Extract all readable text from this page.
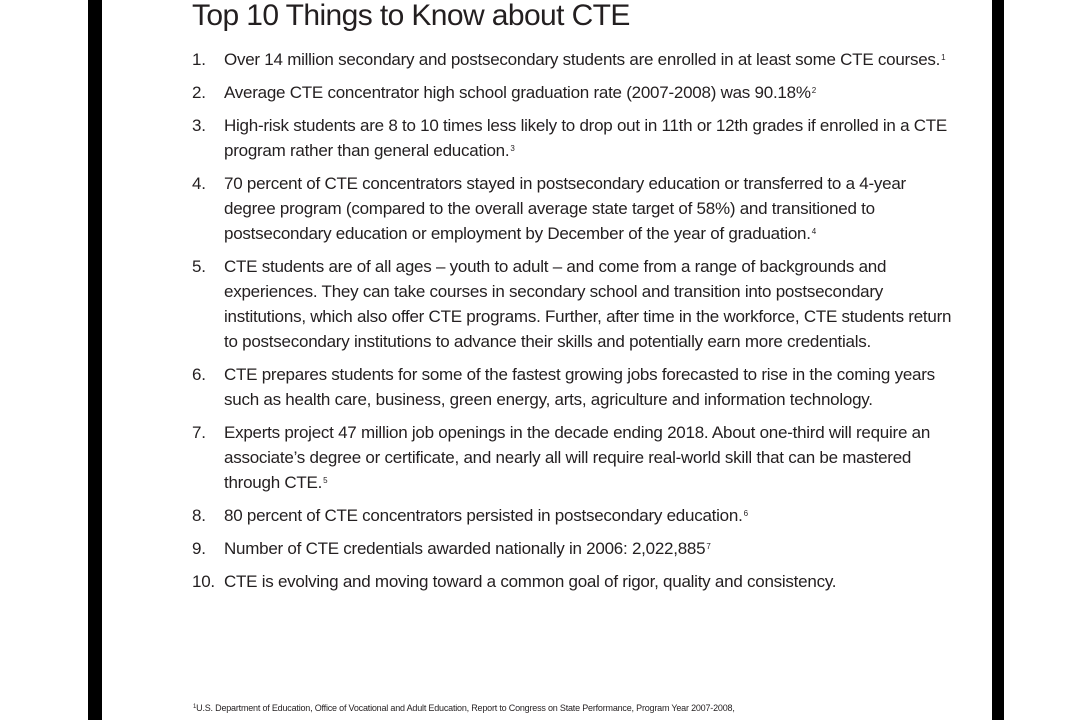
Top 10 Things to Know about CTE
1. Over 14 million secondary and postsecondary students are enrolled in at least some CTE courses.$^1$
2. Average CTE concentrator high school graduation rate (2007-2008) was 90.18%$^2$
3. High-risk students are 8 to 10 times less likely to drop out in 11th or 12th grades if enrolled in a CTE program rather than general education.$^3$
4. 70 percent of CTE concentrators stayed in postsecondary education or transferred to a 4-year degree program (compared to the overall average state target of 58%) and transitioned to postsecondary education or employment by December of the year of graduation.$^4$
5. CTE students are of all ages – youth to adult – and come from a range of backgrounds and experiences. They can take courses in secondary school and transition into postsecondary institutions, which also offer CTE programs. Further, after time in the workforce, CTE students return to postsecondary institutions to advance their skills and potentially earn more credentials.
6. CTE prepares students for some of the fastest growing jobs forecasted to rise in the coming years such as health care, business, green energy, arts, agriculture and information technology.
7. Experts project 47 million job openings in the decade ending 2018. About one-third will require an associate’s degree or certificate, and nearly all will require real-world skill that can be mastered through CTE.$^5$
8. 80 percent of CTE concentrators persisted in postsecondary education.$^6$
9. Number of CTE credentials awarded nationally in 2006: 2,022,885$^7$
10. CTE is evolving and moving toward a common goal of rigor, quality and consistency.
$^1$U.S. Department of Education, Office of Vocational and Adult Education, Report to Congress on State Performance, Program Year 2007-2008,
